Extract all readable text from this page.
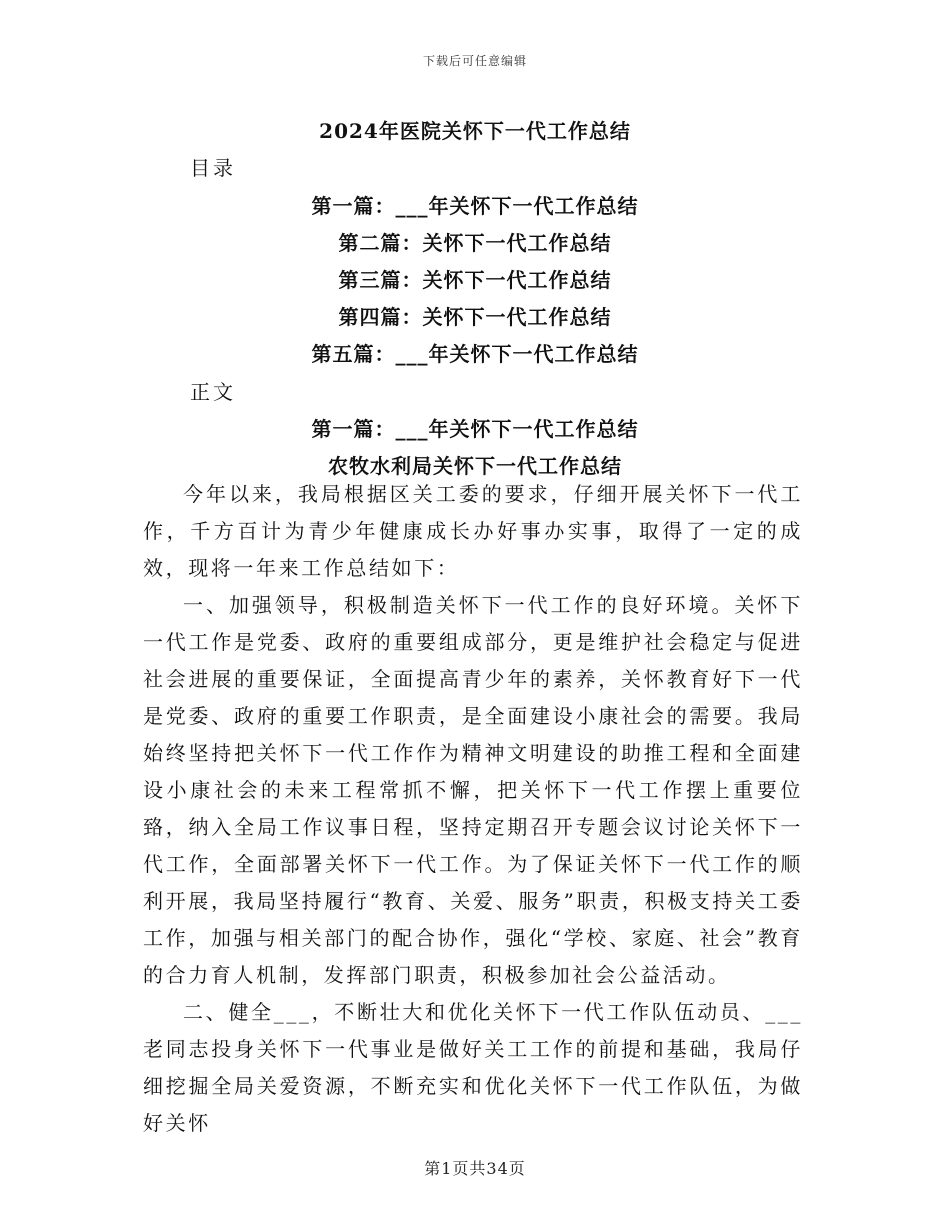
下载后可任意编辑
2024年医院关怀下一代工作总结
目录
第一篇：___年关怀下一代工作总结
第二篇：关怀下一代工作总结
第三篇：关怀下一代工作总结
第四篇：关怀下一代工作总结
第五篇：___年关怀下一代工作总结
正文
第一篇：___年关怀下一代工作总结
农牧水利局关怀下一代工作总结

今年以来，我局根据区关工委的要求，仔细开展关怀下一代工作，千方百计为青少年健康成长办好事办实事，取得了一定的成效，现将一年来工作总结如下：

一、加强领导，积极制造关怀下一代工作的良好环境。关怀下一代工作是党委、政府的重要组成部分，更是维护社会稳定与促进社会进展的重要保证，全面提高青少年的素养，关怀教育好下一代是党委、政府的重要工作职责，是全面建设小康社会的需要。我局始终坚持把关怀下一代工作作为精神文明建设的助推工程和全面建设小康社会的未来工程常抓不懈，把关怀下一代工作摆上重要位臵，纳入全局工作议事日程，坚持定期召开专题会议讨论关怀下一代工作，全面部署关怀下一代工作。为了保证关怀下一代工作的顺利开展，我局坚持履行“教育、关爱、服务”职责，积极支持关工委工作，加强与相关部门的配合协作，强化“学校、家庭、社会”教育的合力育人机制，发挥部门职责，积极参加社会公益活动。

二、健全___，不断壮大和优化关怀下一代工作队伍动员、___老同志投身关怀下一代事业是做好关工工作的前提和基础，我局仔细挖掘全局关爱资源，不断充实和优化关怀下一代工作队伍，为做好关怀

第1页共34页
